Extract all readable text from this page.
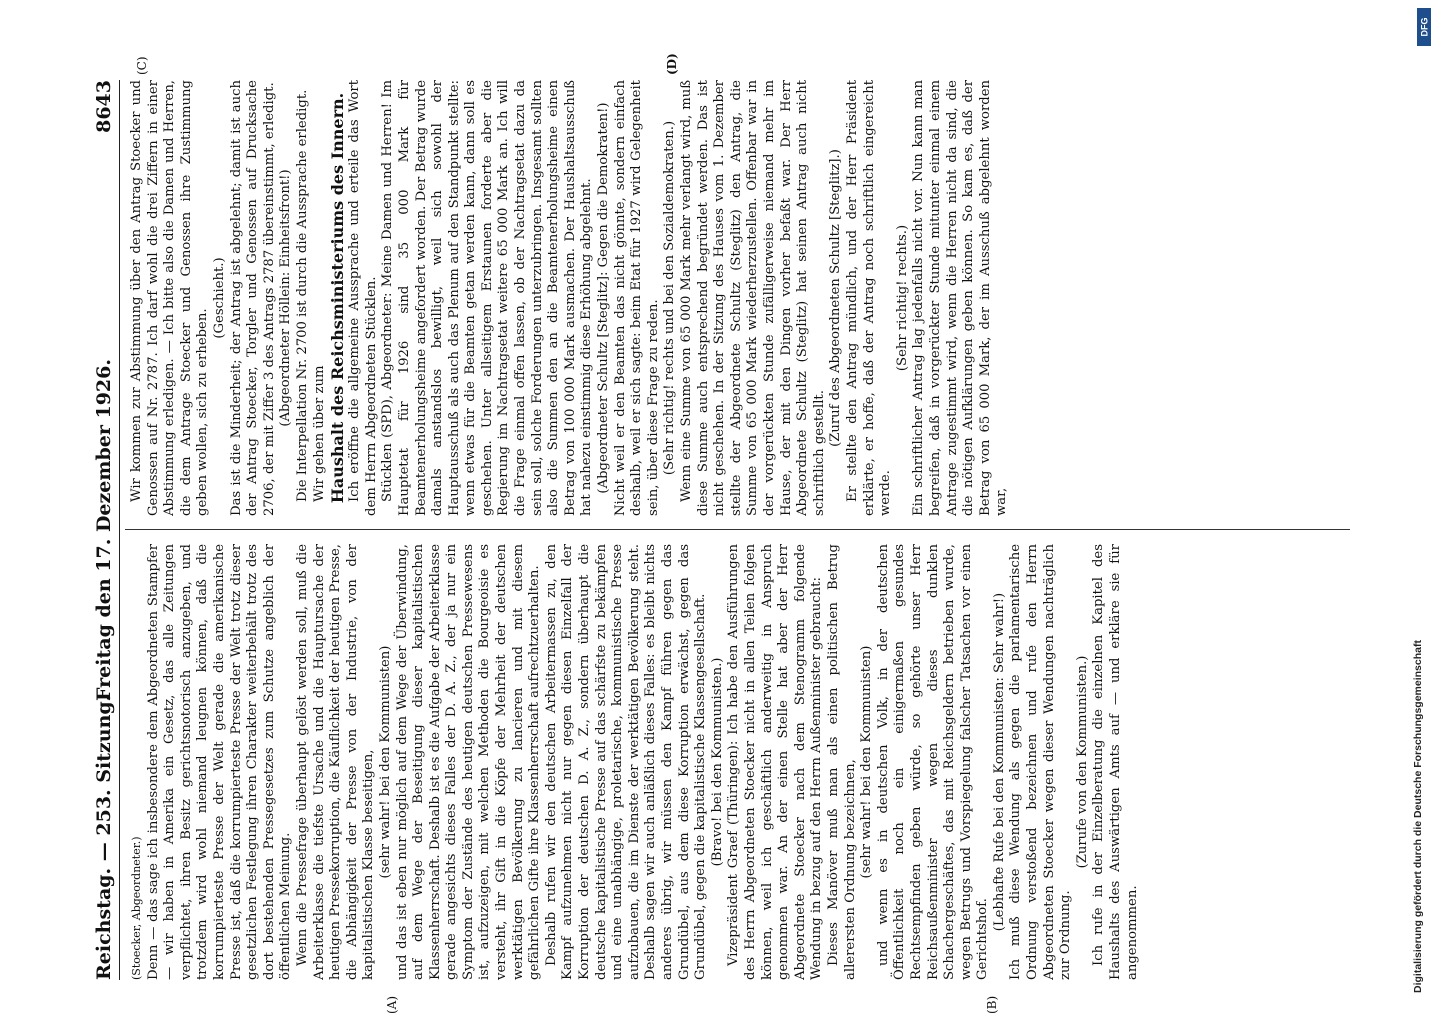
Reichstag. — 253. Sitzung.
Freitag den 17. Dezember 1926.
8643

(Stoecker, Abgeordneter.) Denn — das sage ich insbesondere dem Abgeordneten Stampfer — wir haben in Amerika ein Gesetz, das alle Zeitungen verpflichtet, ihren Besitz gerichtsnotorisch anzugeben, und trotzdem wird wohl niemand leugnen können, daß die korrumpierteste Presse der Welt gerade die amerikanische Presse ist, daß die korrumpierteste Presse der Welt trotz dieser gesetzlichen Festlegung ihren Charakter weiterbehält trotz des dort bestehenden Pressegesetzes zum Schutze angeblich der öffentlichen Meinung. Wenn die Pressefrage überhaupt gelöst werden soll, muß die Arbeiterklasse die tiefste Ursache und die Hauptursache der heutigen Pressekorruption, die Käuflichkeit der heutigen Presse, die Abhängigkeit der Presse von der Industrie, von der kapitalistischen Klasse beseitigen, (sehr wahr! bei den Kommunisten) und das ist eben nur möglich auf dem Wege der Überwindung, auf dem Wege der Beseitigung dieser kapitalistischen Klassenherrschaft. Deshalb ist es die Aufgabe der Arbeiterklasse gerade angesichts dieses Falles der D. A. Z., der ja nur ein Symptom der Zustände des heutigen deutschen Pressewesens ist, aufzuzeigen, mit welchen Methoden die Bourgeoisie es versteht, ihr Gift in die Köpfe der Mehrheit der deutschen werktätigen Bevölkerung zu lancieren und mit diesem gefährlichen Gifte ihre Klassenherrschaft aufrechtzuerhalten. Deshalb rufen wir den deutschen Arbeitermassen zu, den Kampf aufzunehmen nicht nur gegen diesen Einzelfall der Korruption der deutschen D. A. Z., sondern überhaupt die deutsche kapitalistische Presse auf das schärfste zu bekämpfen und eine unabhängige, proletarische, kommunistische Presse aufzubauen, die im Dienste der werktätigen Bevölkerung steht. Deshalb sagen wir auch anläßlich dieses Falles: es bleibt nichts anderes übrig, wir müssen den Kampf führen gegen das Grundübel, aus dem diese Korruption erwächst, gegen das Grundübel, gegen die kapitalistische Klassengesellschaft. (Bravo! bei den Kommunisten.) Vizepräsident Graef (Thüringen): Ich habe den Ausführungen des Herrn Abgeordneten Stoecker nicht in allen Teilen folgen können, weil ich geschäftlich anderweitig in Anspruch genommen war. An der einen Stelle hat aber der Herr Abgeordnete Stoecker nach dem Stenogramm folgende Wendung in bezug auf den Herrn Außenminister gebraucht: Dieses Manöver muß man als einen politischen Betrug allerersten Ordnung bezeichnen, (sehr wahr! bei den Kommunisten) und wenn es in deutschen Volk, in der deutschen Öffentlichkeit noch ein einigermaßen gesundes Rechtsempfinden geben würde, so gehörte unser Herr Reichsaußenminister wegen dieses dunklen Schachergeschäftes, das mit Reichsgeldern betrieben wurde, wegen Betrugs und Vorspiegelung falscher Tatsachen vor einen Gerichtshof.

(Lebhafte Rufe bei den Kommunisten: Sehr wahr!) Ich muß diese Wendung als gegen die parlamentarische Ordnung verstoßend bezeichnen und rufe den Herrn Abgeordneten Stoecker wegen dieser Wendungen nachträglich zur Ordnung.

(Zurufe von den Kommunisten.) Ich rufe in der Einzelberatung die einzelnen Kapitel des Haushalts des Auswärtigen Amts auf — und erkläre sie für angenommen.

Wir kommen zur Abstimmung über den Antrag Stoecker und Genossen auf Nr. 2787. Ich darf wohl die drei Ziffern in einer Abstimmung erledigen. — Ich bitte also die Damen und Herren, die dem Antrage Stoecker und Genossen ihre Zustimmung geben wollen, sich zu erheben.

(Geschieht.) Das ist die Minderheit; der Antrag ist abgelehnt; damit ist auch der Antrag Stoecker, Torgler und Genossen auf Drucksache 2706, der mit Ziffer 3 des Antrags 2787 übereinstimmt, erledigt. (Abgeordneter Höllein: Einheitsfront!) Die Interpellation Nr. 2700 ist durch die Aussprache erledigt. Wir gehen über zum Haushalt des Reichsministeriums des Innern. Ich eröffne die allgemeine Aussprache und erteile das Wort dem Herrn Abgeordneten Stücklen. Stücklen (SPD), Abgeordneter: Meine Damen und Herren! Im Hauptetat für 1926 sind 35 000 Mark für Beamtenerholungsheime angefordert worden. Der Betrag wurde damals anstandslos bewilligt, weil sich sowohl der Hauptausschuß als auch das Plenum auf den Standpunkt stellte: wenn etwas für die Beamten getan werden kann, dann soll es geschehen. Unter allseitigem Erstaunen forderte aber die Regierung im Nachtragsetat weitere 65 000 Mark an. Ich will die Frage einmal offen lassen, ob der Nachtragsetat dazu da sein soll, solche Forderungen unterzubringen. Insgesamt sollten also die Summen den an die Beamtenerholungsheime einen Betrag von 100 000 Mark ausmachen. Der Haushaltsausschuß hat nahezu einstimmig diese Erhöhung abgelehnt. (Abgeordneter Schultz [Steglitz]: Gegen die Demokraten!) Nicht weil er den Beamten das nicht gönnte, sondern einfach deshalb, weil er sich sagte: beim Etat für 1927 wird Gelegenheit sein, über diese Frage zu reden. (Sehr richtig! rechts und bei den Sozialdemokraten.) Wenn eine Summe von 65 000 Mark mehr verlangt wird, muß diese Summe auch entsprechend begründet werden. Das ist nicht geschehen. In der Sitzung des Hauses vom 1. Dezember stellte der Abgeordnete Schultz (Steglitz) den Antrag, die Summe von 65 000 Mark wiederherzustellen. Offenbar war in der vorgerückten Stunde zufälligerweise niemand mehr im Hause, der mit den Dingen vorher befaßt war. Der Herr Abgeordnete Schultz (Steglitz) hat seinen Antrag auch nicht schriftlich gestellt.

(Zuruf des Abgeordneten Schultz [Steglitz].) Er stellte den Antrag mündlich, und der Herr Präsident erklärte, er hoffe, daß der Antrag noch schriftlich eingereicht werde.

(Sehr richtig! rechts.) Ein schriftlicher Antrag lag jedenfalls nicht vor. Nun kann man begreifen, daß in vorgerückter Stunde mitunter einmal einem Antrage zugestimmt wird, wenn die Herren nicht da sind, die die nötigen Aufklärungen geben können. So kam es, daß der Betrag von 65 000 Mark, der im Ausschuß abgelehnt worden war,

(A)	(B)
(C)	(D)
DFG
Digitalisierung gefördert durch die Deutsche Forschungsgemeinschaft
